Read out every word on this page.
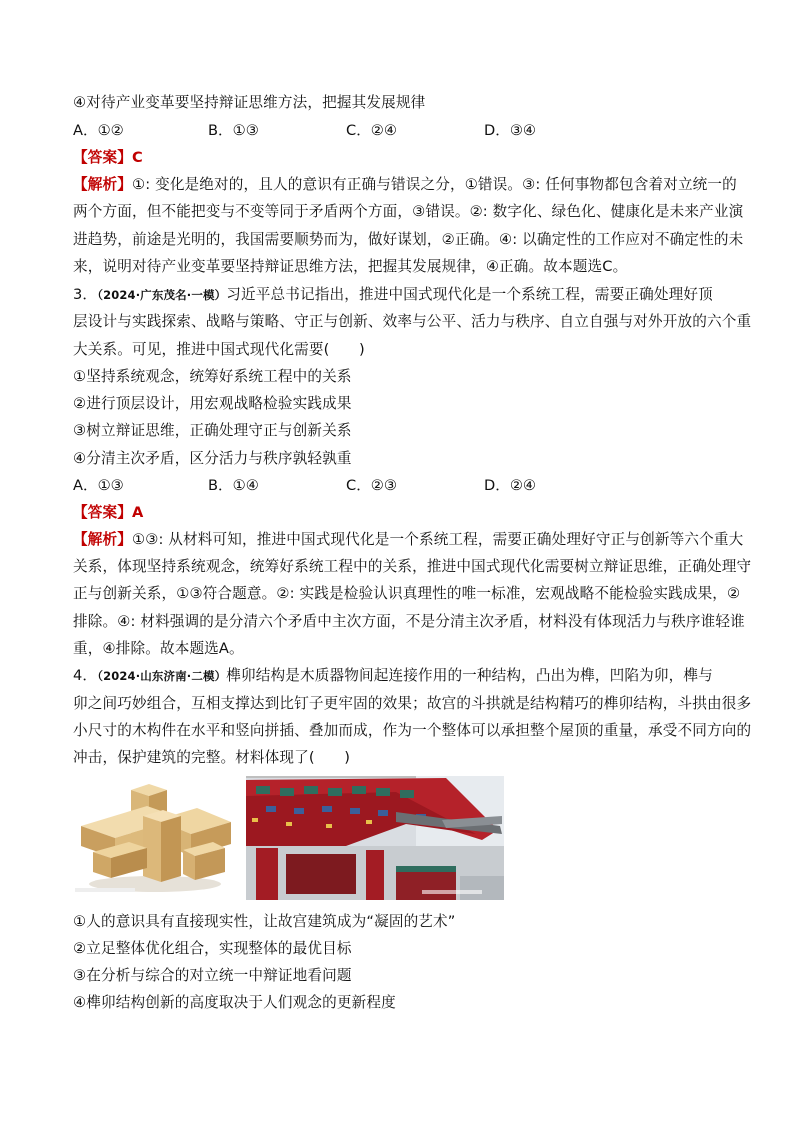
④对待产业变革要坚持辩证思维方法，把握其发展规律
A．①②	B．①③	C．②④	D．③④
【答案】C
【解析】①: 变化是绝对的，且人的意识有正确与错误之分，①错误。③: 任何事物都包含着对立统一的
两个方面，但不能把变与不变等同于矛盾两个方面，③错误。②: 数字化、绿色化、健康化是未来产业演
进趋势，前途是光明的，我国需要顺势而为，做好谋划，②正确。④: 以确定性的工作应对不确定性的未
来，说明对待产业变革要坚持辩证思维方法，把握其发展规律，④正确。故本题选C。
3．（2024·广东茂名·一模）习近平总书记指出，推进中国式现代化是一个系统工程，需要正确处理好顶
层设计与实践探索、战略与策略、守正与创新、效率与公平、活力与秩序、自立自强与对外开放的六个重
大关系。可见，推进中国式现代化需要(　　)
①坚持系统观念，统筹好系统工程中的关系
②进行顶层设计，用宏观战略检验实践成果
③树立辩证思维，正确处理守正与创新关系
④分清主次矛盾，区分活力与秩序孰轻孰重
A．①③	B．①④	C．②③	D．②④
【答案】A
【解析】①③: 从材料可知，推进中国式现代化是一个系统工程，需要正确处理好守正与创新等六个重大
关系，体现坚持系统观念，统筹好系统工程中的关系，推进中国式现代化需要树立辩证思维，正确处理守
正与创新关系，①③符合题意。②: 实践是检验认识真理性的唯一标准，宏观战略不能检验实践成果，②
排除。④: 材料强调的是分清六个矛盾中主次方面，不是分清主次矛盾，材料没有体现活力与秩序谁轻谁
重，④排除。故本题选A。
4．（2024·山东济南·二模）榫卯结构是木质器物间起连接作用的一种结构，凸出为榫，凹陷为卯，榫与
卯之间巧妙组合，互相支撑达到比钉子更牢固的效果；故宫的斗拱就是结构精巧的榫卯结构，斗拱由很多
小尺寸的木构件在水平和竖向拼插、叠加而成，作为一个整体可以承担整个屋顶的重量，承受不同方向的
冲击，保护建筑的完整。材料体现了(　　)
①人的意识具有直接现实性，让故宫建筑成为“凝固的艺术”
②立足整体优化组合，实现整体的最优目标
③在分析与综合的对立统一中辩证地看问题
④榫卯结构创新的高度取决于人们观念的更新程度
